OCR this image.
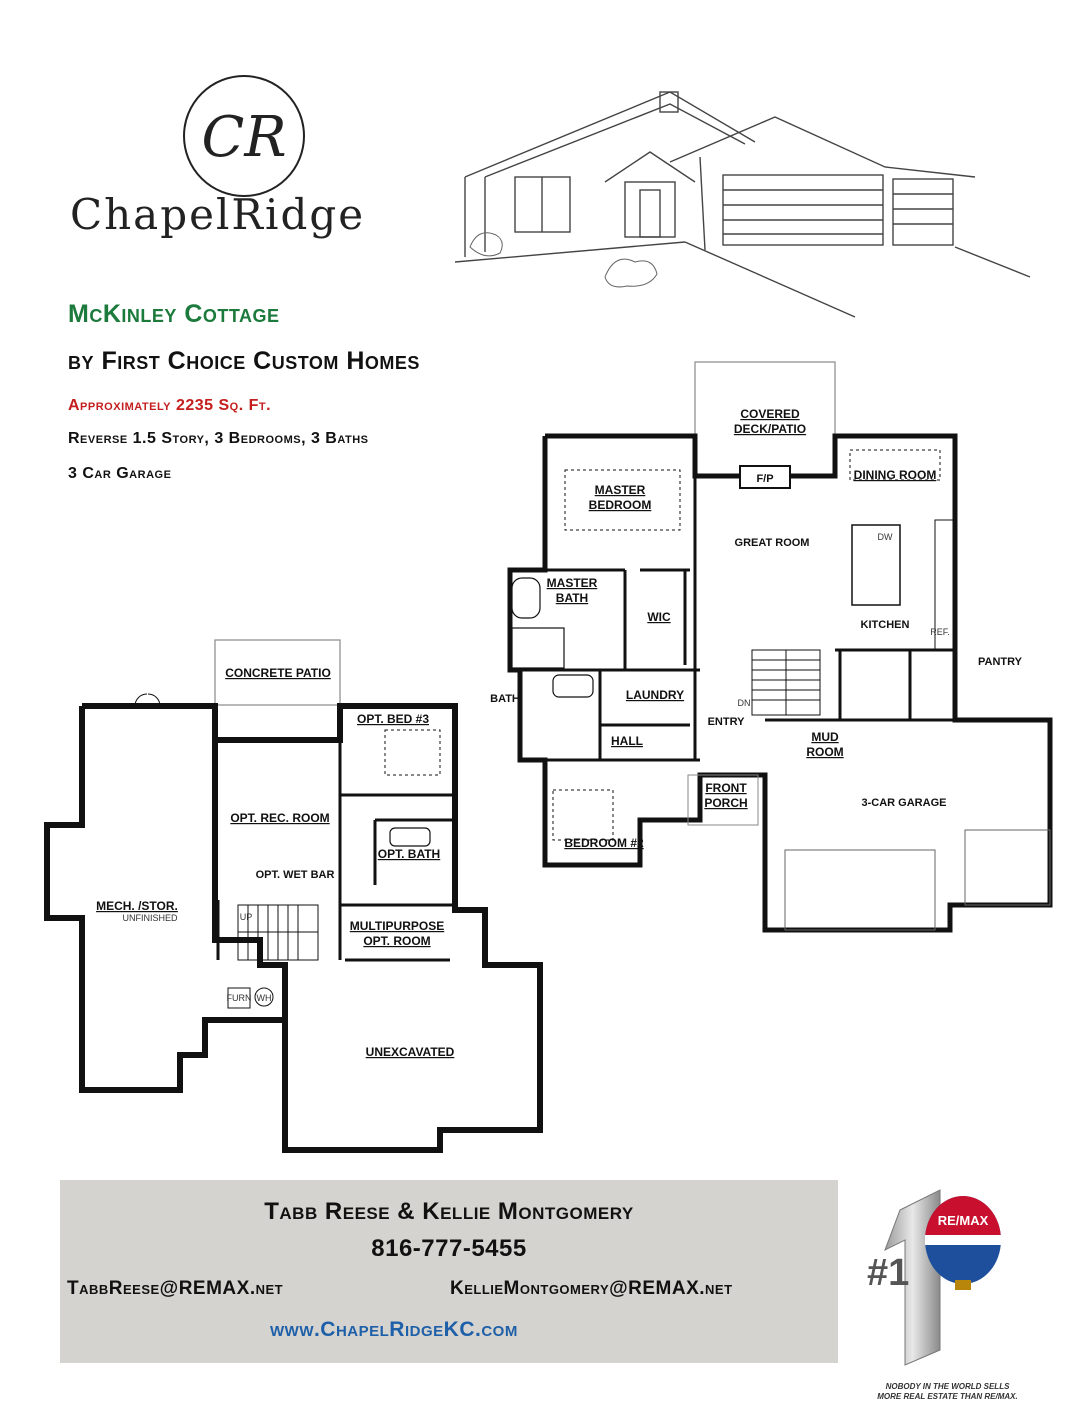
CR
ChapelRidge
McKinley Cottage
by First Choice Custom Homes
Approximately 2235 Sq. Ft.
Reverse 1.5 Story, 3 Bedrooms, 3 Baths
3 Car Garage
COVERED
DECK/PATIO
F/P	DINING ROOM
MASTER
BEDROOM
GREAT ROOM	DW
MASTER
BATH
WIC
KITCHEN
REF.
PANTRY
BATH	LAUNDRY
DN
ENTRY
MUD
ROOM
HALL
FRONT
PORCH	3-CAR GARAGE
BEDROOM #2
CONCRETE PATIO
OPT. BED #3
OPT. REC. ROOM
OPT. BATH
OPT. WET BAR
MECH. /STOR.
UNFINISHED	UP
MULTIPURPOSE
OPT. ROOM
FURN WH
UNEXCAVATED
Tabb Reese & Kellie Montgomery
816-777-5455
TabbReese@REMAX.net	KellieMontgomery@REMAX.net
www.ChapelRidgeKC.com
#1
RE/MAX
NOBODY IN THE WORLD SELLS
MORE REAL ESTATE THAN RE/MAX.
